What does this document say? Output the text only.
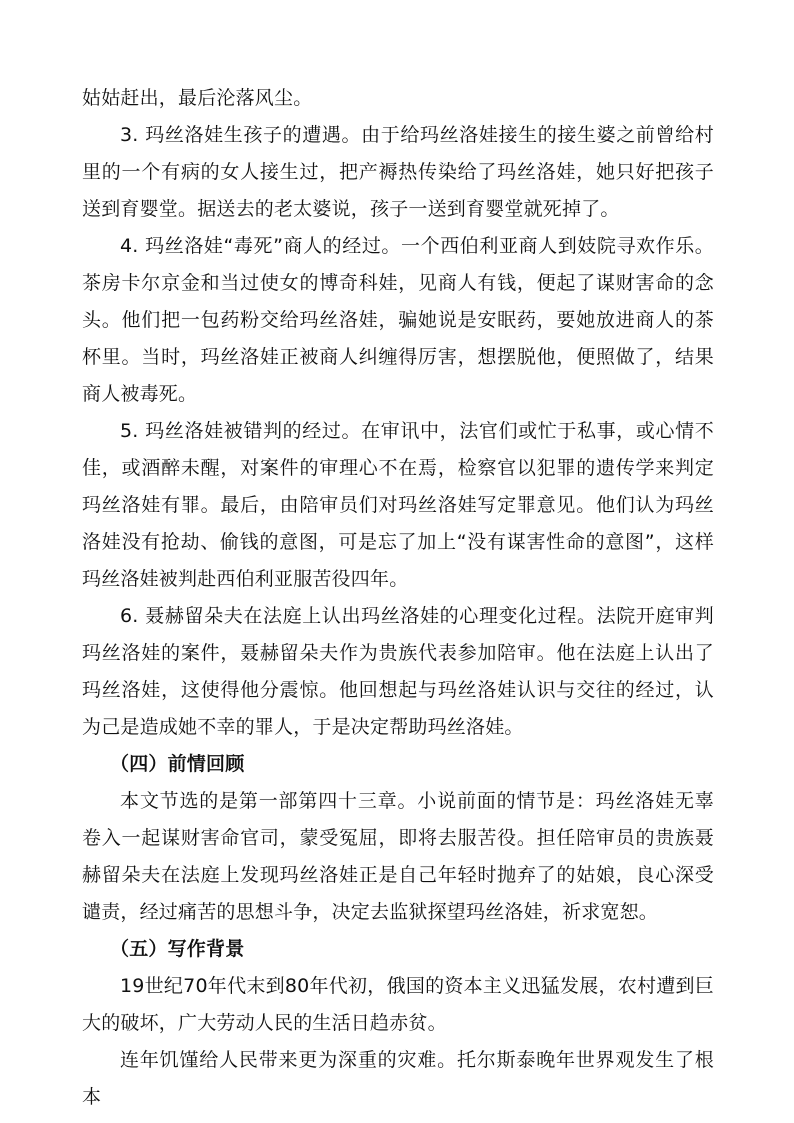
姑姑赶出，最后沦落风尘。

3. 玛丝洛娃生孩子的遭遇。由于给玛丝洛娃接生的接生婆之前曾给村里的一个有病的女人接生过，把产褥热传染给了玛丝洛娃，她只好把孩子送到育婴堂。据送去的老太婆说，孩子一送到育婴堂就死掉了。

4. 玛丝洛娃“毒死”商人的经过。一个西伯利亚商人到妓院寻欢作乐。茶房卡尔京金和当过使女的博奇科娃，见商人有钱，便起了谋财害命的念头。他们把一包药粉交给玛丝洛娃，骗她说是安眠药，要她放进商人的茶杯里。当时，玛丝洛娃正被商人纠缠得厉害，想摆脱他，便照做了，结果商人被毒死。

5. 玛丝洛娃被错判的经过。在审讯中，法官们或忙于私事，或心情不佳，或酒醉未醒，对案件的审理心不在焉，检察官以犯罪的遗传学来判定玛丝洛娃有罪。最后，由陪审员们对玛丝洛娃写定罪意见。他们认为玛丝洛娃没有抢劫、偷钱的意图，可是忘了加上“没有谋害性命的意图”，这样玛丝洛娃被判赴西伯利亚服苦役四年。

6. 聂赫留朵夫在法庭上认出玛丝洛娃的心理变化过程。法院开庭审判玛丝洛娃的案件，聂赫留朵夫作为贵族代表参加陪审。他在法庭上认出了玛丝洛娃，这使得他分震惊。他回想起与玛丝洛娃认识与交往的经过，认为己是造成她不幸的罪人，于是决定帮助玛丝洛娃。

（四）前情回顾

本文节选的是第一部第四十三章。小说前面的情节是：玛丝洛娃无辜卷入一起谋财害命官司，蒙受冤屈，即将去服苦役。担任陪审员的贵族聂赫留朵夫在法庭上发现玛丝洛娃正是自己年轻时抛弃了的姑娘，良心深受谴责，经过痛苦的思想斗争，决定去监狱探望玛丝洛娃，祈求宽恕。

（五）写作背景

19世纪70年代末到80年代初，俄国的资本主义迅猛发展，农村遭到巨大的破坏，广大劳动人民的生活日趋赤贫。

连年饥馑给人民带来更为深重的灾难。托尔斯泰晚年世界观发生了根本
